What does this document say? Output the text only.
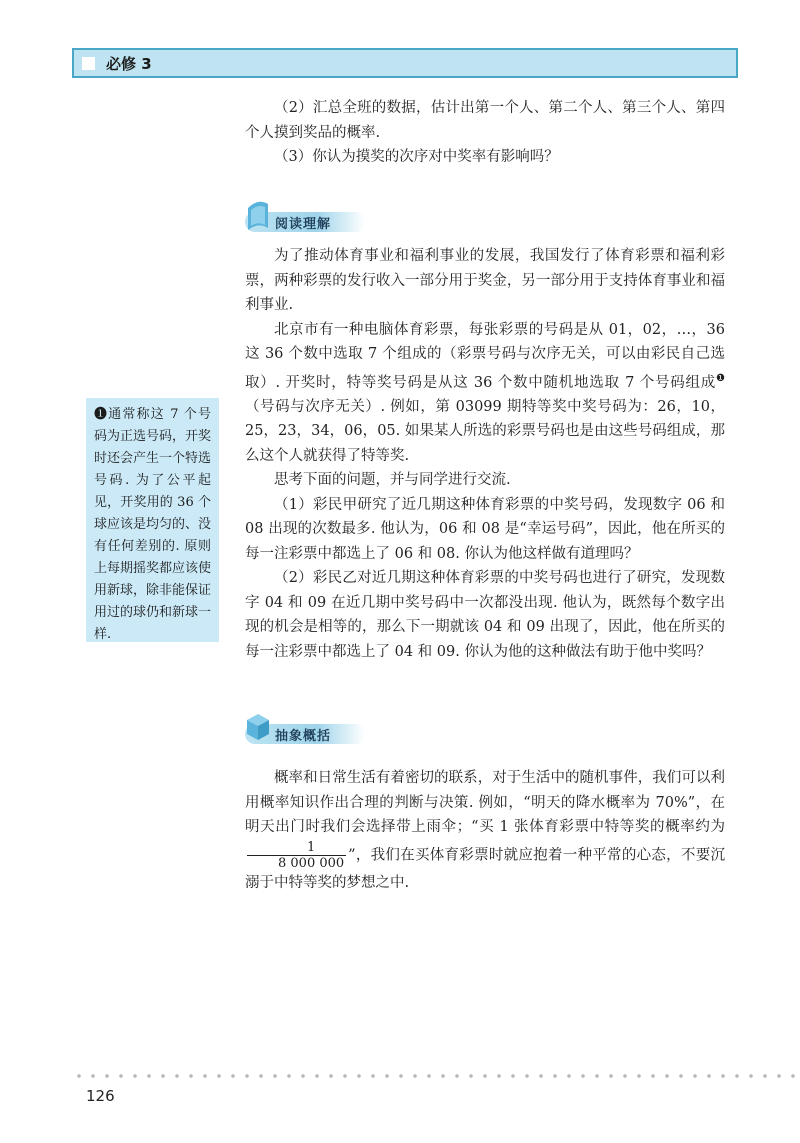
必修 3

（2）汇总全班的数据，估计出第一个人、第二个人、第三个人、第四个人摸到奖品的概率.

（3）你认为摸奖的次序对中奖率有影响吗？

阅读理解

为了推动体育事业和福利事业的发展，我国发行了体育彩票和福利彩票，两种彩票的发行收入一部分用于奖金，另一部分用于支持体育事业和福利事业.

北京市有一种电脑体育彩票，每张彩票的号码是从 01，02，…，36 这 36 个数中选取 7 个组成的（彩票号码与次序无关，可以由彩民自己选取）. 开奖时，特等奖号码是从这 36 个数中随机地选取 7 个号码组成$^❶$（号码与次序无关）. 例如，第 03099 期特等奖中奖号码为：26，10，25，23，34，06，05. 如果某人所选的彩票号码也是由这些号码组成，那么这个人就获得了特等奖.

思考下面的问题，并与同学进行交流.

（1）彩民甲研究了近几期这种体育彩票的中奖号码，发现数字 06 和 08 出现的次数最多. 他认为，06 和 08 是“幸运号码”，因此，他在所买的每一注彩票中都选上了 06 和 08. 你认为他这样做有道理吗？

（2）彩民乙对近几期这种体育彩票的中奖号码也进行了研究，发现数字 04 和 09 在近几期中奖号码中一次都没出现. 他认为，既然每个数字出现的机会是相等的，那么下一期就该 04 和 09 出现了，因此，他在所买的每一注彩票中都选上了 04 和 09. 你认为他的这种做法有助于他中奖吗？

❶通常称这 7 个号码为正选号码，开奖时还会产生一个特选号码. 为了公平起见，开奖用的 36 个球应该是均匀的、没有任何差别的. 原则上每期摇奖都应该使用新球，除非能保证用过的球仍和新球一样.
抽象概括

概率和日常生活有着密切的联系，对于生活中的随机事件，我们可以利用概率知识作出合理的判断与决策. 例如，“明天的降水概率为 70%”，在明天出门时我们会选择带上雨伞；“买 1 张体育彩票中特等奖的概率约为
$\frac{1}{8 000 000}$ ”，我们在买体育彩票时就应抱着一种平常的心态，不要沉溺于中特等奖的梦想之中.

126
